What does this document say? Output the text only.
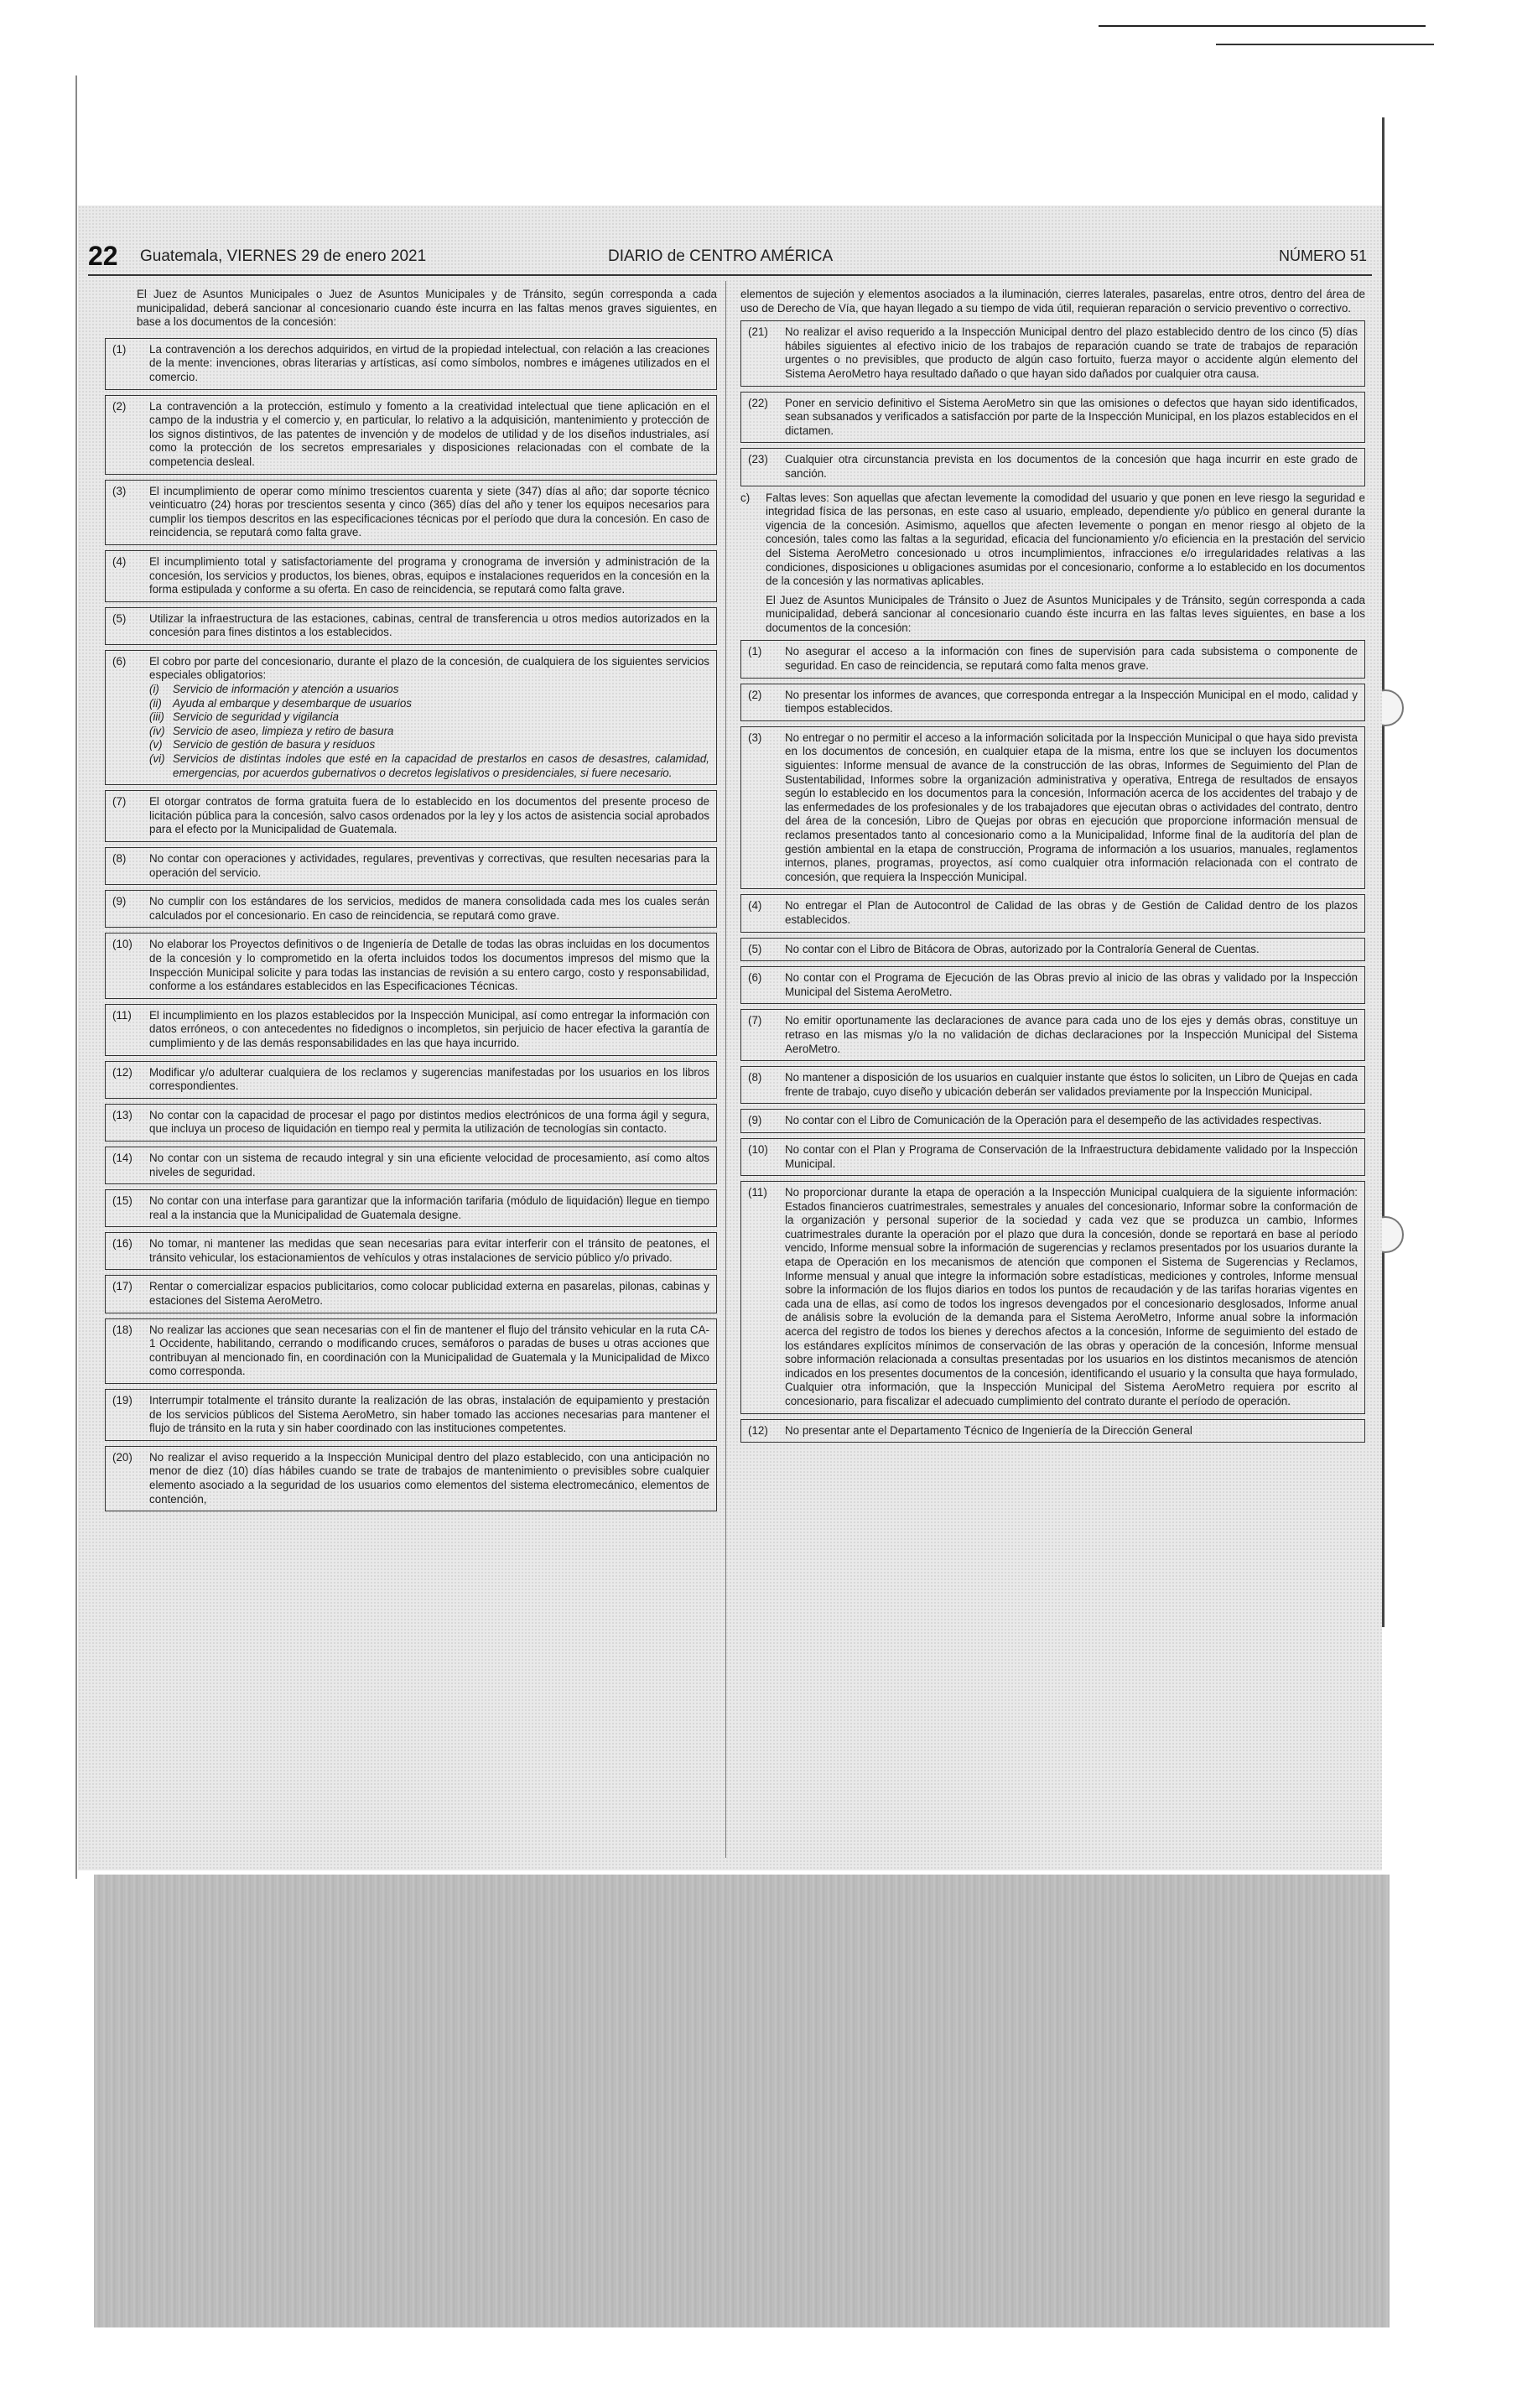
22 Guatemala, VIERNES 29 de enero 2021	DIARIO de CENTRO AMÉRICA	NÚMERO 51

El Juez de Asuntos Municipales o Juez de Asuntos Municipales y de Tránsito, según corresponda a cada municipalidad, deberá sancionar al concesionario cuando éste incurra en las faltas menos graves siguientes, en base a los documentos de la concesión:

(1) La contravención a los derechos adquiridos, en virtud de la propiedad intelectual, con relación a las creaciones de la mente: invenciones, obras literarias y artísticas, así como símbolos, nombres e imágenes utilizados en el comercio.
(2) La contravención a la protección, estímulo y fomento a la creatividad intelectual que tiene aplicación en el campo de la industria y el comercio y, en particular, lo relativo a la adquisición, mantenimiento y protección de los signos distintivos, de las patentes de invención y de modelos de utilidad y de los diseños industriales, así como la protección de los secretos empresariales y disposiciones relacionadas con el combate de la competencia desleal.
(3) El incumplimiento de operar como mínimo trescientos cuarenta y siete (347) días al año; dar soporte técnico veinticuatro (24) horas por trescientos sesenta y cinco (365) días del año y tener los equipos necesarios para cumplir los tiempos descritos en las especificaciones técnicas por el período que dura la concesión. En caso de reincidencia, se reputará como falta grave.
(4) El incumplimiento total y satisfactoriamente del programa y cronograma de inversión y administración de la concesión, los servicios y productos, los bienes, obras, equipos e instalaciones requeridos en la concesión en la forma estipulada y conforme a su oferta. En caso de reincidencia, se reputará como falta grave.
(5) Utilizar la infraestructura de las estaciones, cabinas, central de transferencia u otros medios autorizados en la concesión para fines distintos a los establecidos.
(6) El cobro por parte del concesionario, durante el plazo de la concesión, de cualquiera de los siguientes servicios especiales obligatorios:
(i) Servicio de información y atención a usuarios
(ii) Ayuda al embarque y desembarque de usuarios
(iii) Servicio de seguridad y vigilancia
(iv) Servicio de aseo, limpieza y retiro de basura
(v) Servicio de gestión de basura y residuos
(vi) Servicios de distintas índoles que esté en la capacidad de prestarlos en casos de desastres, calamidad, emergencias, por acuerdos gubernativos o decretos legislativos o presidenciales, si fuere necesario.
(7) El otorgar contratos de forma gratuita fuera de lo establecido en los documentos del presente proceso de licitación pública para la concesión, salvo casos ordenados por la ley y los actos de asistencia social aprobados para el efecto por la Municipalidad de Guatemala.
(8) No contar con operaciones y actividades, regulares, preventivas y correctivas, que resulten necesarias para la operación del servicio.
(9) No cumplir con los estándares de los servicios, medidos de manera consolidada cada mes los cuales serán calculados por el concesionario. En caso de reincidencia, se reputará como grave.
(10) No elaborar los Proyectos definitivos o de Ingeniería de Detalle de todas las obras incluidas en los documentos de la concesión y lo comprometido en la oferta incluidos todos los documentos impresos del mismo que la Inspección Municipal solicite y para todas las instancias de revisión a su entero cargo, costo y responsabilidad, conforme a los estándares establecidos en las Especificaciones Técnicas.
(11) El incumplimiento en los plazos establecidos por la Inspección Municipal, así como entregar la información con datos erróneos, o con antecedentes no fidedignos o incompletos, sin perjuicio de hacer efectiva la garantía de cumplimiento y de las demás responsabilidades en las que haya incurrido.
(12) Modificar y/o adulterar cualquiera de los reclamos y sugerencias manifestadas por los usuarios en los libros correspondientes.
(13) No contar con la capacidad de procesar el pago por distintos medios electrónicos de una forma ágil y segura, que incluya un proceso de liquidación en tiempo real y permita la utilización de tecnologías sin contacto.
(14) No contar con un sistema de recaudo integral y sin una eficiente velocidad de procesamiento, así como altos niveles de seguridad.
(15) No contar con una interfase para garantizar que la información tarifaria (módulo de liquidación) llegue en tiempo real a la instancia que la Municipalidad de Guatemala designe.
(16) No tomar, ni mantener las medidas que sean necesarias para evitar interferir con el tránsito de peatones, el tránsito vehicular, los estacionamientos de vehículos y otras instalaciones de servicio público y/o privado.
(17) Rentar o comercializar espacios publicitarios, como colocar publicidad externa en pasarelas, pilonas, cabinas y estaciones del Sistema AeroMetro.
(18) No realizar las acciones que sean necesarias con el fin de mantener el flujo del tránsito vehicular en la ruta CA-1 Occidente, habilitando, cerrando o modificando cruces, semáforos o paradas de buses u otras acciones que contribuyan al mencionado fin, en coordinación con la Municipalidad de Guatemala y la Municipalidad de Mixco como corresponda.
(19) Interrumpir totalmente el tránsito durante la realización de las obras, instalación de equipamiento y prestación de los servicios públicos del Sistema AeroMetro, sin haber tomado las acciones necesarias para mantener el flujo de tránsito en la ruta y sin haber coordinado con las instituciones competentes.
(20) No realizar el aviso requerido a la Inspección Municipal dentro del plazo establecido, con una anticipación no menor de diez (10) días hábiles cuando se trate de trabajos de mantenimiento o previsibles sobre cualquier elemento asociado a la seguridad de los usuarios como elementos del sistema electromecánico, elementos de contención,

elementos de sujeción y elementos asociados a la iluminación, cierres laterales, pasarelas, entre otros, dentro del área de uso de Derecho de Vía, que hayan llegado a su tiempo de vida útil, requieran reparación o servicio preventivo o correctivo.

(21) No realizar el aviso requerido a la Inspección Municipal dentro del plazo establecido dentro de los cinco (5) días hábiles siguientes al efectivo inicio de los trabajos de reparación cuando se trate de trabajos de reparación urgentes o no previsibles, que producto de algún caso fortuito, fuerza mayor o accidente algún elemento del Sistema AeroMetro haya resultado dañado o que hayan sido dañados por cualquier otra causa.
(22) Poner en servicio definitivo el Sistema AeroMetro sin que las omisiones o defectos que hayan sido identificados, sean subsanados y verificados a satisfacción por parte de la Inspección Municipal, en los plazos establecidos en el dictamen.
(23) Cualquier otra circunstancia prevista en los documentos de la concesión que haga incurrir en este grado de sanción.
c) Faltas leves: Son aquellas que afectan levemente la comodidad del usuario y que ponen en leve riesgo la seguridad e integridad física de las personas, en este caso al usuario, empleado, dependiente y/o público en general durante la vigencia de la concesión. Asimismo, aquellos que afecten levemente o pongan en menor riesgo al objeto de la concesión, tales como las faltas a la seguridad, eficacia del funcionamiento y/o eficiencia en la prestación del servicio del Sistema AeroMetro concesionado u otros incumplimientos, infracciones e/o irregularidades relativas a las condiciones, disposiciones u obligaciones asumidas por el concesionario, conforme a lo establecido en los documentos de la concesión y las normativas aplicables.

El Juez de Asuntos Municipales de Tránsito o Juez de Asuntos Municipales y de Tránsito, según corresponda a cada municipalidad, deberá sancionar al concesionario cuando éste incurra en las faltas leves siguientes, en base a los documentos de la concesión:

(1) No asegurar el acceso a la información con fines de supervisión para cada subsistema o componente de seguridad. En caso de reincidencia, se reputará como falta menos grave.
(2) No presentar los informes de avances, que corresponda entregar a la Inspección Municipal en el modo, calidad y tiempos establecidos.
(3) No entregar o no permitir el acceso a la información solicitada por la Inspección Municipal o que haya sido prevista en los documentos de concesión, en cualquier etapa de la misma, entre los que se incluyen los documentos siguientes: Informe mensual de avance de la construcción de las obras, Informes de Seguimiento del Plan de Sustentabilidad, Informes sobre la organización administrativa y operativa, Entrega de resultados de ensayos según lo establecido en los documentos para la concesión, Información acerca de los accidentes del trabajo y de las enfermedades de los profesionales y de los trabajadores que ejecutan obras o actividades del contrato, dentro del área de la concesión, Libro de Quejas por obras en ejecución que proporcione información mensual de reclamos presentados tanto al concesionario como a la Municipalidad, Informe final de la auditoría del plan de gestión ambiental en la etapa de construcción, Programa de información a los usuarios, manuales, reglamentos internos, planes, programas, proyectos, así como cualquier otra información relacionada con el contrato de concesión, que requiera la Inspección Municipal.
(4) No entregar el Plan de Autocontrol de Calidad de las obras y de Gestión de Calidad dentro de los plazos establecidos.
(5) No contar con el Libro de Bitácora de Obras, autorizado por la Contraloría General de Cuentas.
(6) No contar con el Programa de Ejecución de las Obras previo al inicio de las obras y validado por la Inspección Municipal del Sistema AeroMetro.
(7) No emitir oportunamente las declaraciones de avance para cada uno de los ejes y demás obras, constituye un retraso en las mismas y/o la no validación de dichas declaraciones por la Inspección Municipal del Sistema AeroMetro.
(8) No mantener a disposición de los usuarios en cualquier instante que éstos lo soliciten, un Libro de Quejas en cada frente de trabajo, cuyo diseño y ubicación deberán ser validados previamente por la Inspección Municipal.
(9) No contar con el Libro de Comunicación de la Operación para el desempeño de las actividades respectivas.
(10) No contar con el Plan y Programa de Conservación de la Infraestructura debidamente validado por la Inspección Municipal.
(11) No proporcionar durante la etapa de operación a la Inspección Municipal cualquiera de la siguiente información: Estados financieros cuatrimestrales, semestrales y anuales del concesionario, Informar sobre la conformación de la organización y personal superior de la sociedad y cada vez que se produzca un cambio, Informes cuatrimestrales durante la operación por el plazo que dura la concesión, donde se reportará en base al período vencido, Informe mensual sobre la información de sugerencias y reclamos presentados por los usuarios durante la etapa de Operación en los mecanismos de atención que componen el Sistema de Sugerencias y Reclamos, Informe mensual y anual que integre la información sobre estadísticas, mediciones y controles, Informe mensual sobre la información de los flujos diarios en todos los puntos de recaudación y de las tarifas horarias vigentes en cada una de ellas, así como de todos los ingresos devengados por el concesionario desglosados, Informe anual de análisis sobre la evolución de la demanda para el Sistema AeroMetro, Informe anual sobre la información acerca del registro de todos los bienes y derechos afectos a la concesión, Informe de seguimiento del estado de los estándares explícitos mínimos de conservación de las obras y operación de la concesión, Informe mensual sobre información relacionada a consultas presentadas por los usuarios en los distintos mecanismos de atención indicados en los presentes documentos de la concesión, identificando el usuario y la consulta que haya formulado, Cualquier otra información, que la Inspección Municipal del Sistema AeroMetro requiera por escrito al concesionario, para fiscalizar el adecuado cumplimiento del contrato durante el período de operación.
(12) No presentar ante el Departamento Técnico de Ingeniería de la Dirección General
